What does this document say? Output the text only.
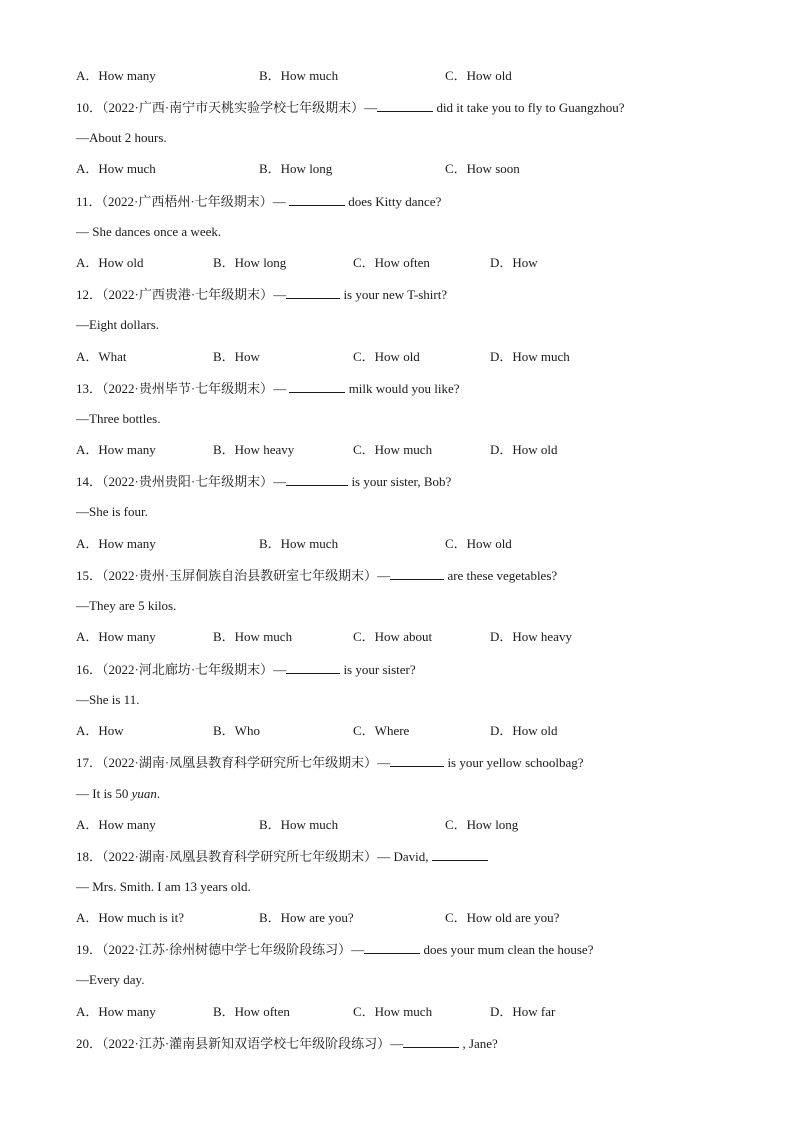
A．How many	B．How much	C．How old
10．（2022·广西·南宁市天桃实验学校七年级期末）—	did it take you to fly to Guangzhou?
—About 2 hours.
A．How much	B．How long	C．How soon
11．（2022·广西梧州·七年级期末）—	does Kitty dance?
— She dances once a week.
A．How old	B．How long	C．How often	D．How
12．（2022·广西贵港·七年级期末）—	is your new T-shirt?
—Eight dollars.
A．What	B．How	C．How old	D．How much
13．（2022·贵州毕节·七年级期末）—	milk would you like?
—Three bottles.
A．How many	B．How heavy	C．How much	D．How old
14．（2022·贵州贵阳·七年级期末）—	is your sister, Bob?
—She is four.
A．How many	B．How much	C．How old
15．（2022·贵州·玉屏侗族自治县教研室七年级期末）—	are these vegetables?
—They are 5 kilos.
A．How many	B．How much	C．How about	D．How heavy
16．（2022·河北廊坊·七年级期末）—	is your sister?
—She is 11.
A．How	B．Who	C．Where	D．How old
17．（2022·湖南·凤凰县教育科学研究所七年级期末）—	is your yellow schoolbag?
— It is 50 yuan.
A．How many	B．How much	C．How long
18．（2022·湖南·凤凰县教育科学研究所七年级期末）— David,
— Mrs. Smith. I am 13 years old.
A．How much is it?	B．How are you?	C．How old are you?
19．（2022·江苏·徐州树德中学七年级阶段练习）—	does your mum clean the house?
—Every day.
A．How many	B．How often	C．How much	D．How far
20．（2022·江苏·灌南县新知双语学校七年级阶段练习）—	, Jane?
